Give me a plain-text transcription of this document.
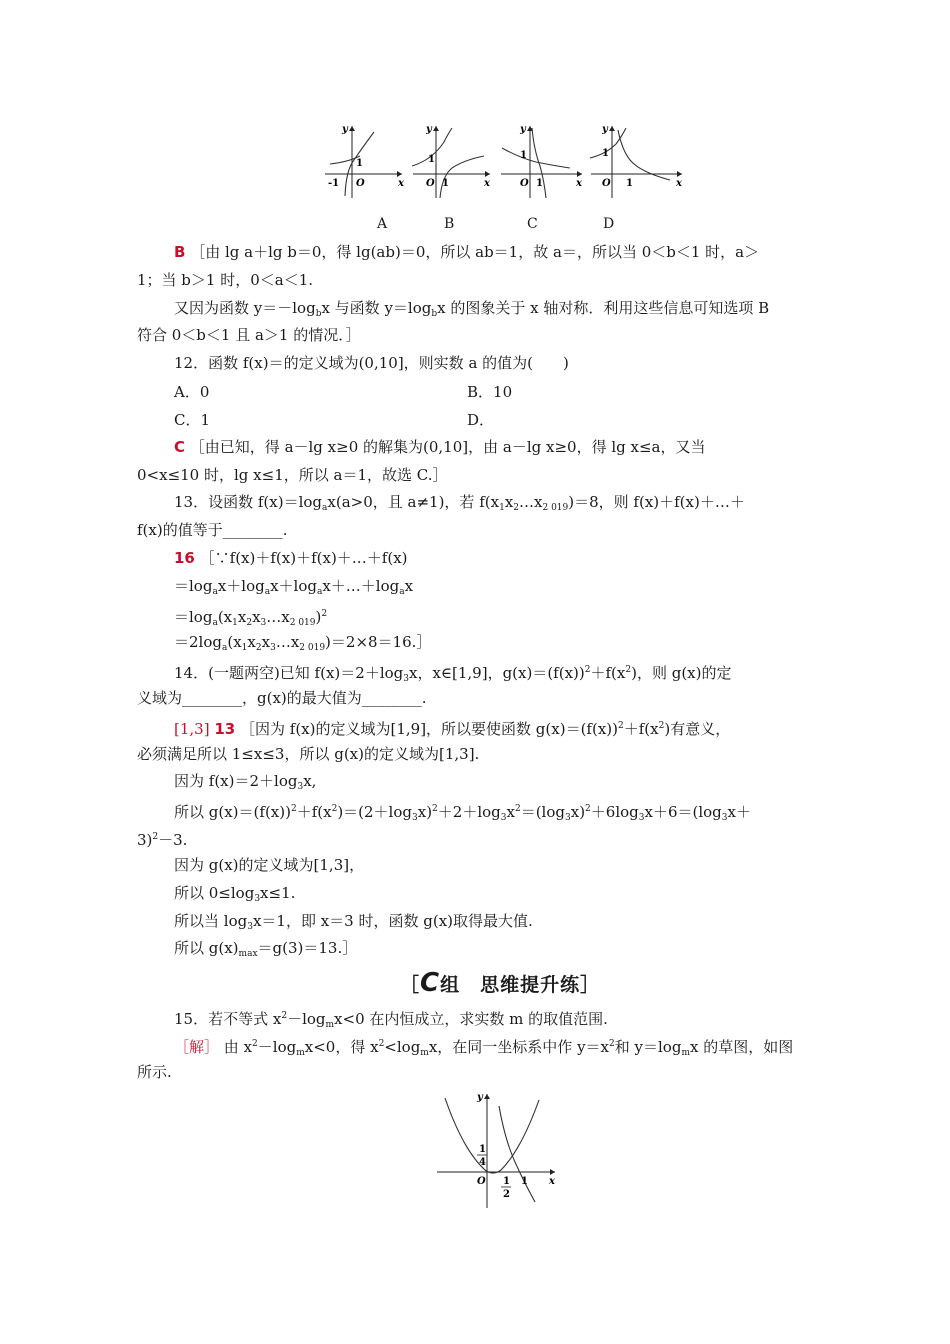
y
x
O
-1
1
y
x
O 1
1
y
x
O 1
1
y
x
O 1
1
A	B	C	D
B ［由 lg a＋lg b＝0，得 lg(ab)＝0，所以 ab＝1，故 a＝，所以当 0＜b＜1 时，a＞
1；当 b＞1 时，0＜a＜1.
又因为函数 $y=-\log_bx$ 与函数 $y=\log_bx$ 的图象关于 x 轴对称．利用这些信息可知选项 B
符合 0＜b＜1 且 a＞1 的情况．］
12．函数 f(x)＝的定义域为(0,10]，则实数 a 的值为(　　)
A．0	B．10
C．1	D．
C ［由已知，得 a－lg x≥0 的解集为(0,10]，由 a－lg x≥0，得 lg x≤a，又当
0<x≤10 时，lg x≤1，所以 a＝1，故选 C.］
13．设函数 $f(x)=\log_ax(a>0$，且 a≠1)，若 $f(x_1x_2\dots x_{2 019})=8$，则 f(x)＋f(x)＋…＋
f(x)的值等于________.
16 ［∵f(x)＋f(x)＋f(x)＋…＋f(x)
$=\log_ax+\log_ax+\log_ax+\dots+\log_ax$
$=\log_a(x_1x_2x_3\dots x_{2 019})^2$
$=2\log_a(x_1x_2x_3\dots x_{2 019})=2\times 8=16.]$
14．(一题两空)已知 $f(x)=2+\log_3x$，x∈[1,9]，$g(x)=(f(x))^2+f(x^2)$，则 g(x)的定
义域为________，g(x)的最大值为________.
[1,3] 13 ［因为 f(x)的定义域为[1,9]，所以要使函数 $g(x)=(f(x))^2+f(x^2)$有意义，
必须满足所以 1≤x≤3，所以 g(x)的定义域为[1,3].
因为 $f(x)=2+\log_3x$,
所以 $g(x)=(f(x))^2+f(x^2)=(2+\log_3x)^2+2+\log_3x^2=(\log_3x)^2+6\log_3x+6=(\log_3x+$
3)$^2$－3.
因为 g(x)的定义域为[1,3]，
所以 $0\le\log_3x\le 1$.
所以当 $\log_3x=1$，即 x＝3 时，函数 g(x)取得最大值.
所以 $g(x)_{max}=g(3)=13.]$
［C组　思维提升练］
15．若不等式 $x^2-\log_mx<0$ 在内恒成立，求实数 m 的取值范围.
［解］ 由 $x^2-\log_mx<0$，得 $x^2<\log_mx$，在同一坐标系中作 $y=x^2$和 $y=\log_mx$ 的草图，如图
所示.
y
x
O
1
4
1
2
1
